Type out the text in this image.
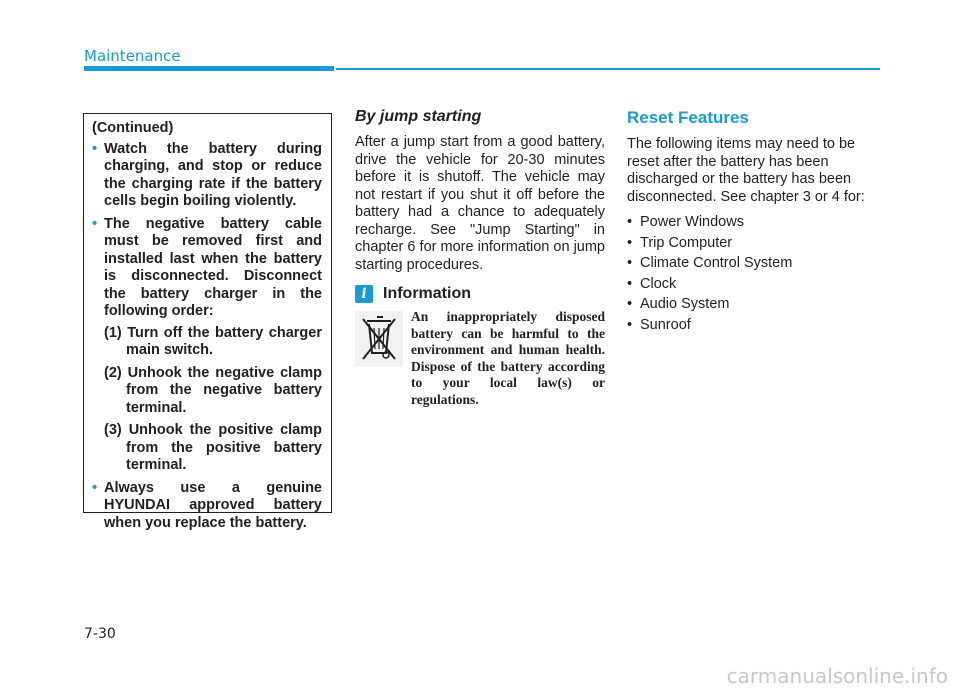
Maintenance

(Continued)

• Watch the battery during charging, and stop or reduce the charging rate if the battery cells begin boiling violently.
• The negative battery cable must be removed first and installed last when the battery is disconnected. Disconnect the battery charger in the following order:
(1) Turn off the battery charger main switch.
(2) Unhook the negative clamp from the negative battery terminal.
(3) Unhook the positive clamp from the positive battery terminal.
• Always use a genuine HYUNDAI approved battery when you replace the battery.
By jump starting

After a jump start from a good battery, drive the vehicle for 20-30 minutes before it is shutoff. The vehicle may not restart if you shut it off before the battery had a chance to adequately recharge. See "Jump Starting" in chapter 6 for more information on jump starting procedures.

i	Information
An inappropriately disposed battery can be harmful to the environment and human health. Dispose of the battery according to your local law(s) or regulations.
Reset Features

The following items may need to be reset after the battery has been discharged or the battery has been disconnected. See chapter 3 or 4 for:

• Power Windows
• Trip Computer
• Climate Control System
• Clock
• Audio System
• Sunroof
7-30
carmanualsonline.info
